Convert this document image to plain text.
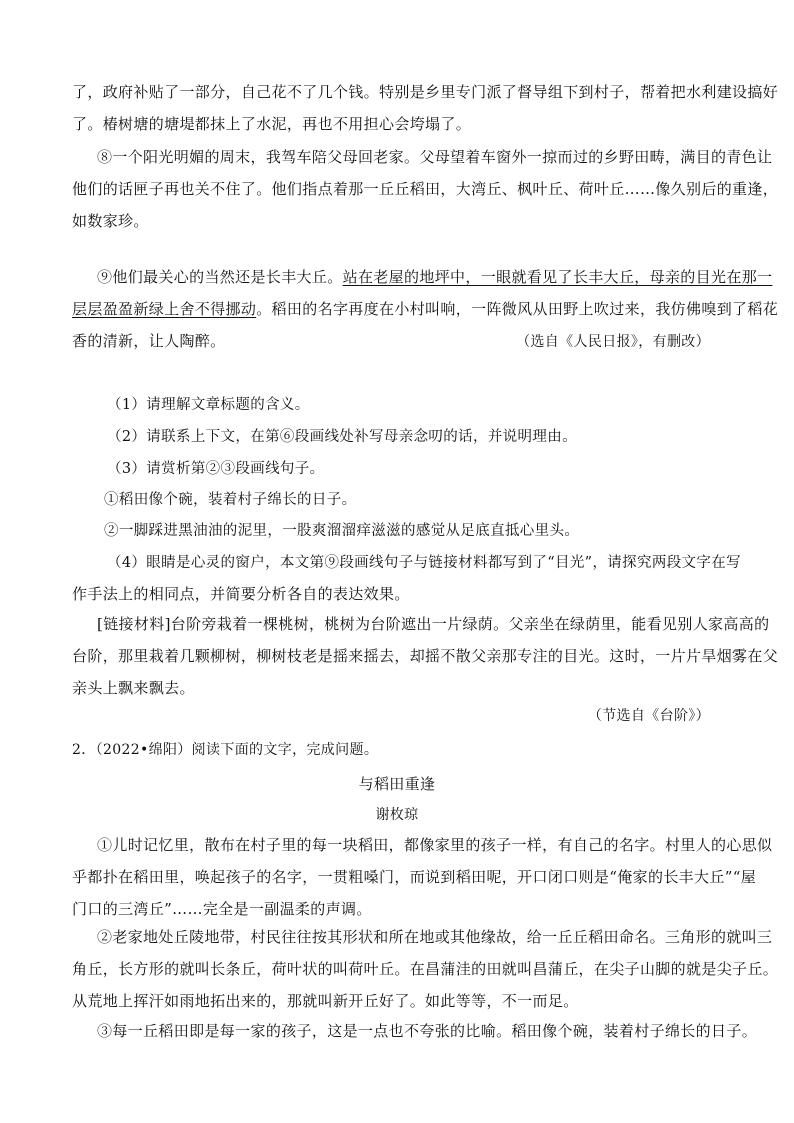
了，政府补贴了一部分，自己花不了几个钱。特别是乡里专门派了督导组下到村子，帮着把水利建设搞好
了。椿树塘的塘堤都抹上了水泥，再也不用担心会垮塌了。
⑧一个阳光明媚的周末，我驾车陪父母回老家。父母望着车窗外一掠而过的乡野田畴，满目的青色让
他们的话匣子再也关不住了。他们指点着那一丘丘稻田，大湾丘、枫叶丘、荷叶丘……像久别后的重逢，
如数家珍。
⑨他们最关心的当然还是长丰大丘。站在老屋的地坪中，一眼就看见了长丰大丘，母亲的目光在那一
层层盈盈新绿上舍不得挪动。稻田的名字再度在小村叫响，一阵微风从田野上吹过来，我仿佛嗅到了稻花
香的清新，让人陶醉。	（选自《人民日报》，有删改）
（1）请理解文章标题的含义。
（2）请联系上下文，在第⑥段画线处补写母亲念叨的话，并说明理由。
（3）请赏析第②③段画线句子。
①稻田像个碗，装着村子绵长的日子。
②一脚踩进黑油油的泥里，一股爽溜溜痒滋滋的感觉从足底直抵心里头。
（4）眼睛是心灵的窗户，本文第⑨段画线句子与链接材料都写到了“目光”，请探究两段文字在写
作手法上的相同点，并简要分析各自的表达效果。
[链接材料]台阶旁栽着一棵桃树，桃树为台阶遮出一片绿荫。父亲坐在绿荫里，能看见别人家高高的
台阶，那里栽着几颗柳树，柳树枝老是摇来摇去，却摇不散父亲那专注的目光。这时，一片片旱烟雾在父
亲头上飘来飘去。
（节选自《台阶》）
2．（2022•绵阳）阅读下面的文字，完成问题。
与稻田重逢
谢枚琼
①儿时记忆里，散布在村子里的每一块稻田，都像家里的孩子一样，有自己的名字。村里人的心思似
乎都扑在稻田里，唤起孩子的名字，一贯粗嗓门，而说到稻田呢，开口闭口则是“俺家的长丰大丘”“屋
门口的三湾丘”……完全是一副温柔的声调。
②老家地处丘陵地带，村民往往按其形状和所在地或其他缘故，给一丘丘稻田命名。三角形的就叫三
角丘，长方形的就叫长条丘，荷叶状的叫荷叶丘。在昌蒲洼的田就叫昌蒲丘，在尖子山脚的就是尖子丘。
从荒地上挥汗如雨地拓出来的，那就叫新开丘好了。如此等等，不一而足。
③每一丘稻田即是每一家的孩子，这是一点也不夸张的比喻。稻田像个碗，装着村子绵长的日子。
